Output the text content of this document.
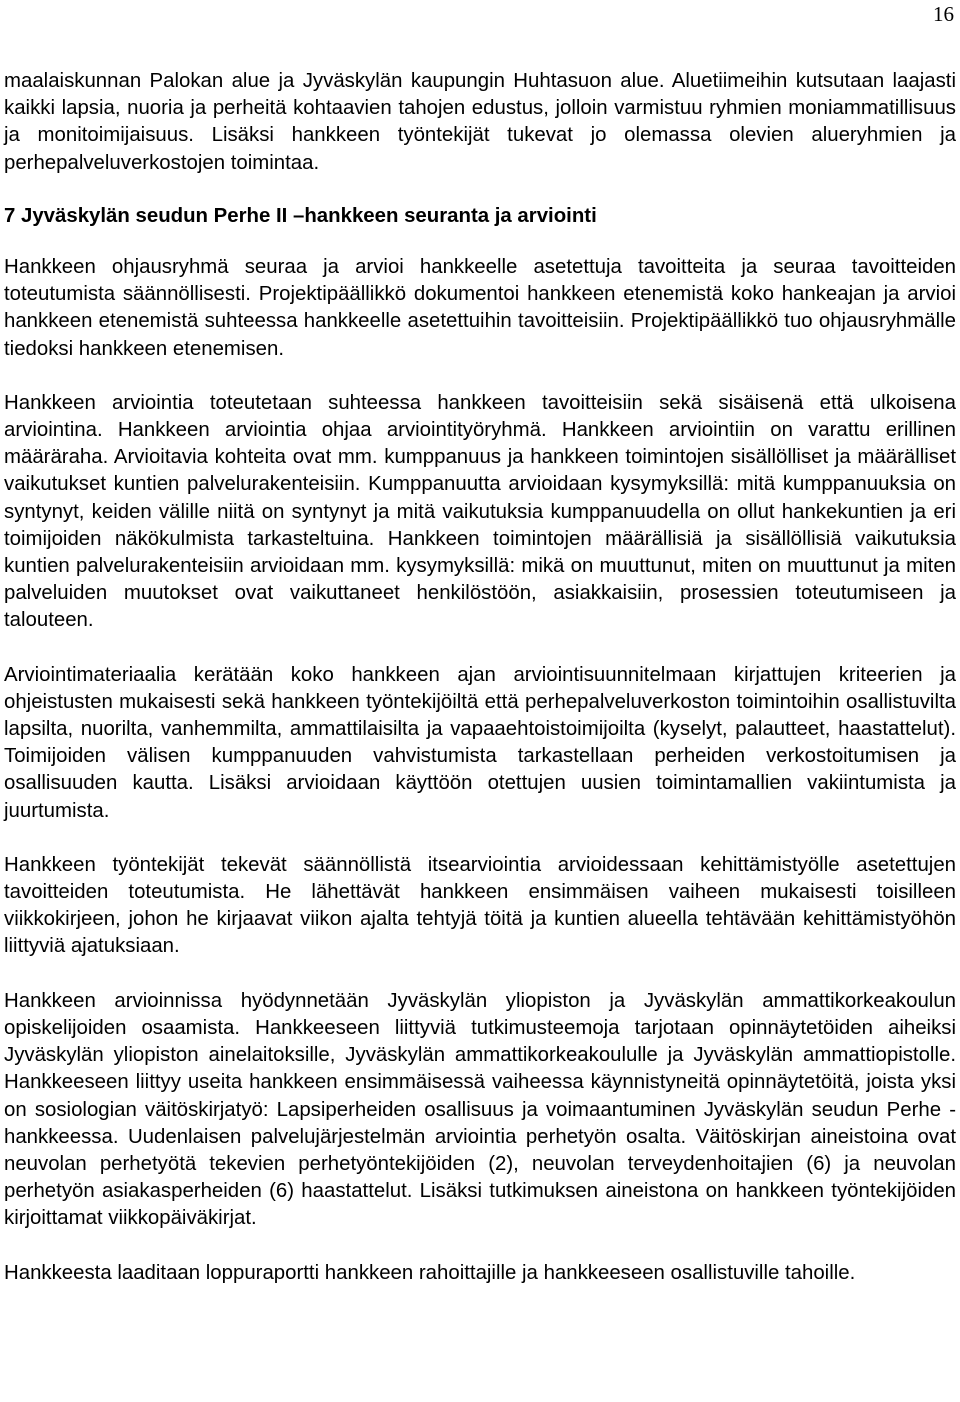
16

maalaiskunnan Palokan alue ja Jyväskylän kaupungin Huhtasuon alue. Aluetiimeihin kutsutaan laajasti kaikki lapsia, nuoria ja perheitä kohtaavien tahojen edustus, jolloin varmistuu ryhmien moniammatillisuus ja monitoimijaisuus. Lisäksi hankkeen työntekijät tukevat jo olemassa olevien alueryhmien ja perhepalveluverkostojen toimintaa.

7 Jyväskylän seudun Perhe II –hankkeen seuranta ja arviointi

Hankkeen ohjausryhmä seuraa ja arvioi hankkeelle asetettuja tavoitteita ja seuraa tavoitteiden toteutumista säännöllisesti. Projektipäällikkö dokumentoi hankkeen etenemistä koko hankeajan ja arvioi hankkeen etenemistä suhteessa hankkeelle asetettuihin tavoitteisiin. Projektipäällikkö tuo ohjausryhmälle tiedoksi hankkeen etenemisen.

Hankkeen arviointia toteutetaan suhteessa hankkeen tavoitteisiin sekä sisäisenä että ulkoisena arviointina. Hankkeen arviointia ohjaa arviointityöryhmä. Hankkeen arviointiin on varattu erillinen määräraha. Arvioitavia kohteita ovat mm. kumppanuus ja hankkeen toimintojen sisällölliset ja määrälliset vaikutukset kuntien palvelurakenteisiin. Kumppanuutta arvioidaan kysymyksillä: mitä kumppanuuksia on syntynyt, keiden välille niitä on syntynyt ja mitä vaikutuksia kumppanuudella on ollut hankekuntien ja eri toimijoiden näkökulmista tarkasteltuina. Hankkeen toimintojen määrällisiä ja sisällöllisiä vaikutuksia kuntien palvelurakenteisiin arvioidaan mm. kysymyksillä: mikä on muuttunut, miten on muuttunut ja miten palveluiden muutokset ovat vaikuttaneet henkilöstöön, asiakkaisiin, prosessien toteutumiseen ja talouteen.

Arviointimateriaalia kerätään koko hankkeen ajan arviointisuunnitelmaan kirjattujen kriteerien ja ohjeistusten mukaisesti sekä hankkeen työntekijöiltä että perhepalveluverkoston toimintoihin osallistuvilta lapsilta, nuorilta, vanhemmilta, ammattilaisilta ja vapaaehtoistoimijoilta (kyselyt, palautteet, haastattelut). Toimijoiden välisen kumppanuuden vahvistumista tarkastellaan perheiden verkostoitumisen ja osallisuuden kautta. Lisäksi arvioidaan käyttöön otettujen uusien toimintamallien vakiintumista ja juurtumista.

Hankkeen työntekijät tekevät säännöllistä itsearviointia arvioidessaan kehittämistyölle asetettujen tavoitteiden toteutumista. He lähettävät hankkeen ensimmäisen vaiheen mukaisesti toisilleen viikkokirjeen, johon he kirjaavat viikon ajalta tehtyjä töitä ja kuntien alueella tehtävään kehittämistyöhön liittyviä ajatuksiaan.

Hankkeen arvioinnissa hyödynnetään Jyväskylän yliopiston ja Jyväskylän ammattikorkeakoulun opiskelijoiden osaamista. Hankkeeseen liittyviä tutkimusteemoja tarjotaan opinnäytetöiden aiheiksi Jyväskylän yliopiston ainelaitoksille, Jyväskylän ammattikorkeakoululle ja Jyväskylän ammattiopistolle. Hankkeeseen liittyy useita hankkeen ensimmäisessä vaiheessa käynnistyneitä opinnäytetöitä, joista yksi on sosiologian väitöskirjatyö: Lapsiperheiden osallisuus ja voimaantuminen Jyväskylän seudun Perhe -hankkeessa. Uudenlaisen palvelujärjestelmän arviointia perhetyön osalta. Väitöskirjan aineistoina ovat neuvolan perhetyötä tekevien perhetyöntekijöiden (2), neuvolan terveydenhoitajien (6) ja neuvolan perhetyön asiakasperheiden (6) haastattelut. Lisäksi tutkimuksen aineistona on hankkeen työntekijöiden kirjoittamat viikkopäiväkirjat.

Hankkeesta laaditaan loppuraportti hankkeen rahoittajille ja hankkeeseen osallistuville tahoille.
